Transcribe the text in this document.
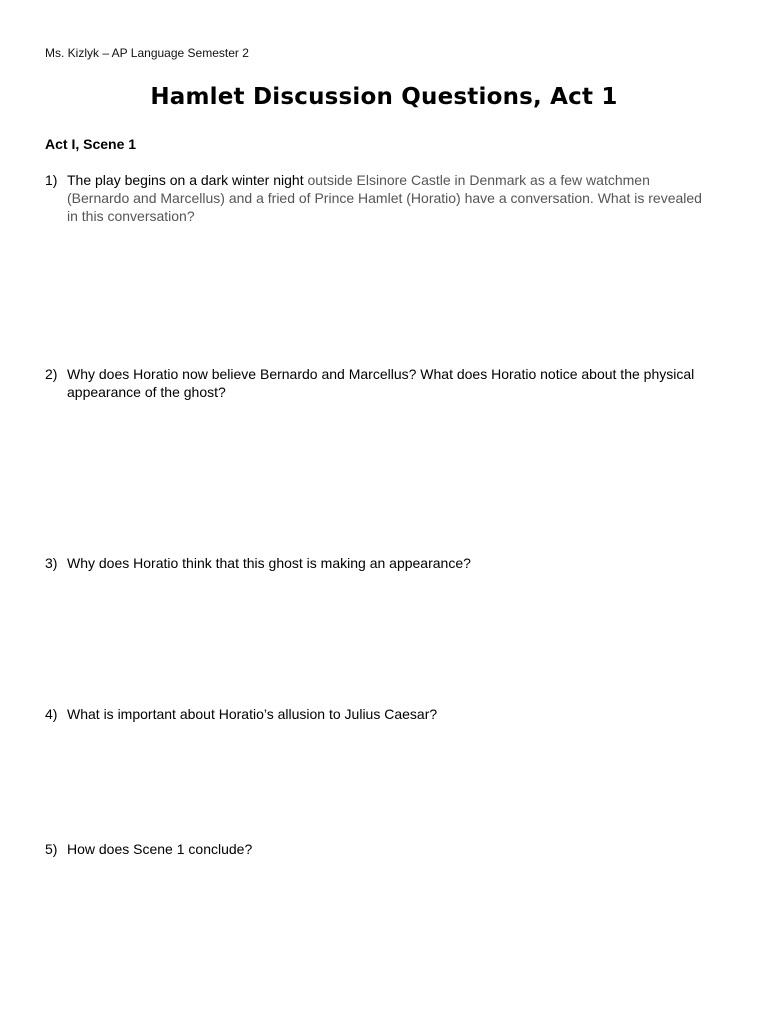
Ms. Kizlyk – AP Language Semester 2
Hamlet Discussion Questions, Act 1
Act I, Scene 1
1) The play begins on a dark winter night outside Elsinore Castle in Denmark as a few watchmen (Bernardo and Marcellus) and a fried of Prince Hamlet (Horatio) have a conversation. What is revealed in this conversation?
2) Why does Horatio now believe Bernardo and Marcellus? What does Horatio notice about the physical appearance of the ghost?
3) Why does Horatio think that this ghost is making an appearance?
4) What is important about Horatio’s allusion to Julius Caesar?
5) How does Scene 1 conclude?
